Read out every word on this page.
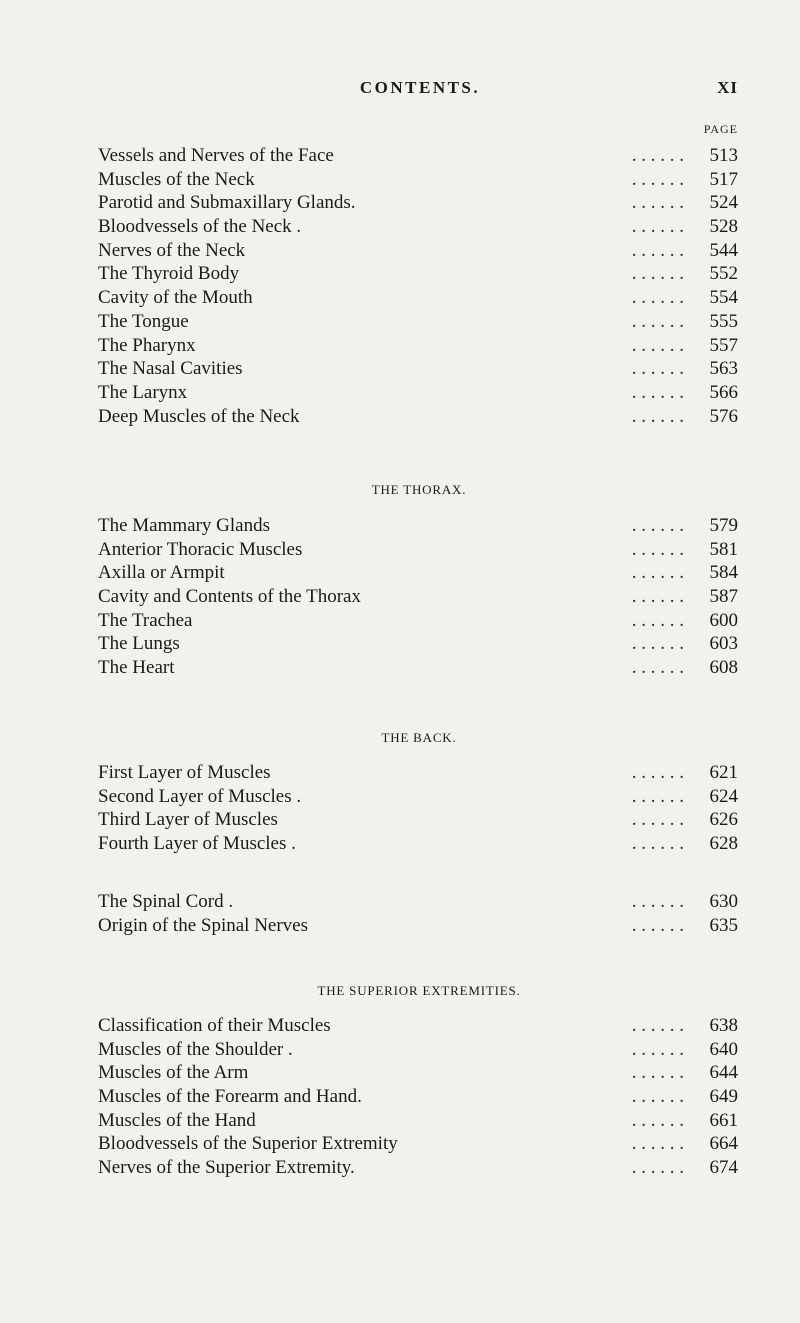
CONTENTS.	XI
PAGE
Vessels and Nerves of the Face	. . . . . . 513
Muscles of the Neck	. . . . . . 517
Parotid and Submaxillary Glands.	. . . . . . 524
Bloodvessels of the Neck .	. . . . . . 528
Nerves of the Neck	. . . . . . 544
The Thyroid Body	. . . . . . 552
Cavity of the Mouth	. . . . . . 554
The Tongue	. . . . . . 555
The Pharynx	. . . . . . 557
The Nasal Cavities	. . . . . . 563
The Larynx	. . . . . . 566
Deep Muscles of the Neck	. . . . . . 576
THE THORAX.
The Mammary Glands	. . . . . . 579
Anterior Thoracic Muscles	. . . . . . 581
Axilla or Armpit	. . . . . . 584
Cavity and Contents of the Thorax	. . . . . . 587
The Trachea	. . . . . . 600
The Lungs	. . . . . . 603
The Heart	. . . . . . 608
THE BACK.
First Layer of Muscles	. . . . . . 621
Second Layer of Muscles .	. . . . . . 624
Third Layer of Muscles	. . . . . . 626
Fourth Layer of Muscles .	. . . . . . 628
The Spinal Cord .	. . . . . . 630
Origin of the Spinal Nerves	. . . . . . 635
THE SUPERIOR EXTREMITIES.
Classification of their Muscles	. . . . . . 638
Muscles of the Shoulder .	. . . . . . 640
Muscles of the Arm	. . . . . . 644
Muscles of the Forearm and Hand.	. . . . . . 649
Muscles of the Hand	. . . . . . 661
Bloodvessels of the Superior Extremity	. . . . . . 664
Nerves of the Superior Extremity.	. . . . . . 674
